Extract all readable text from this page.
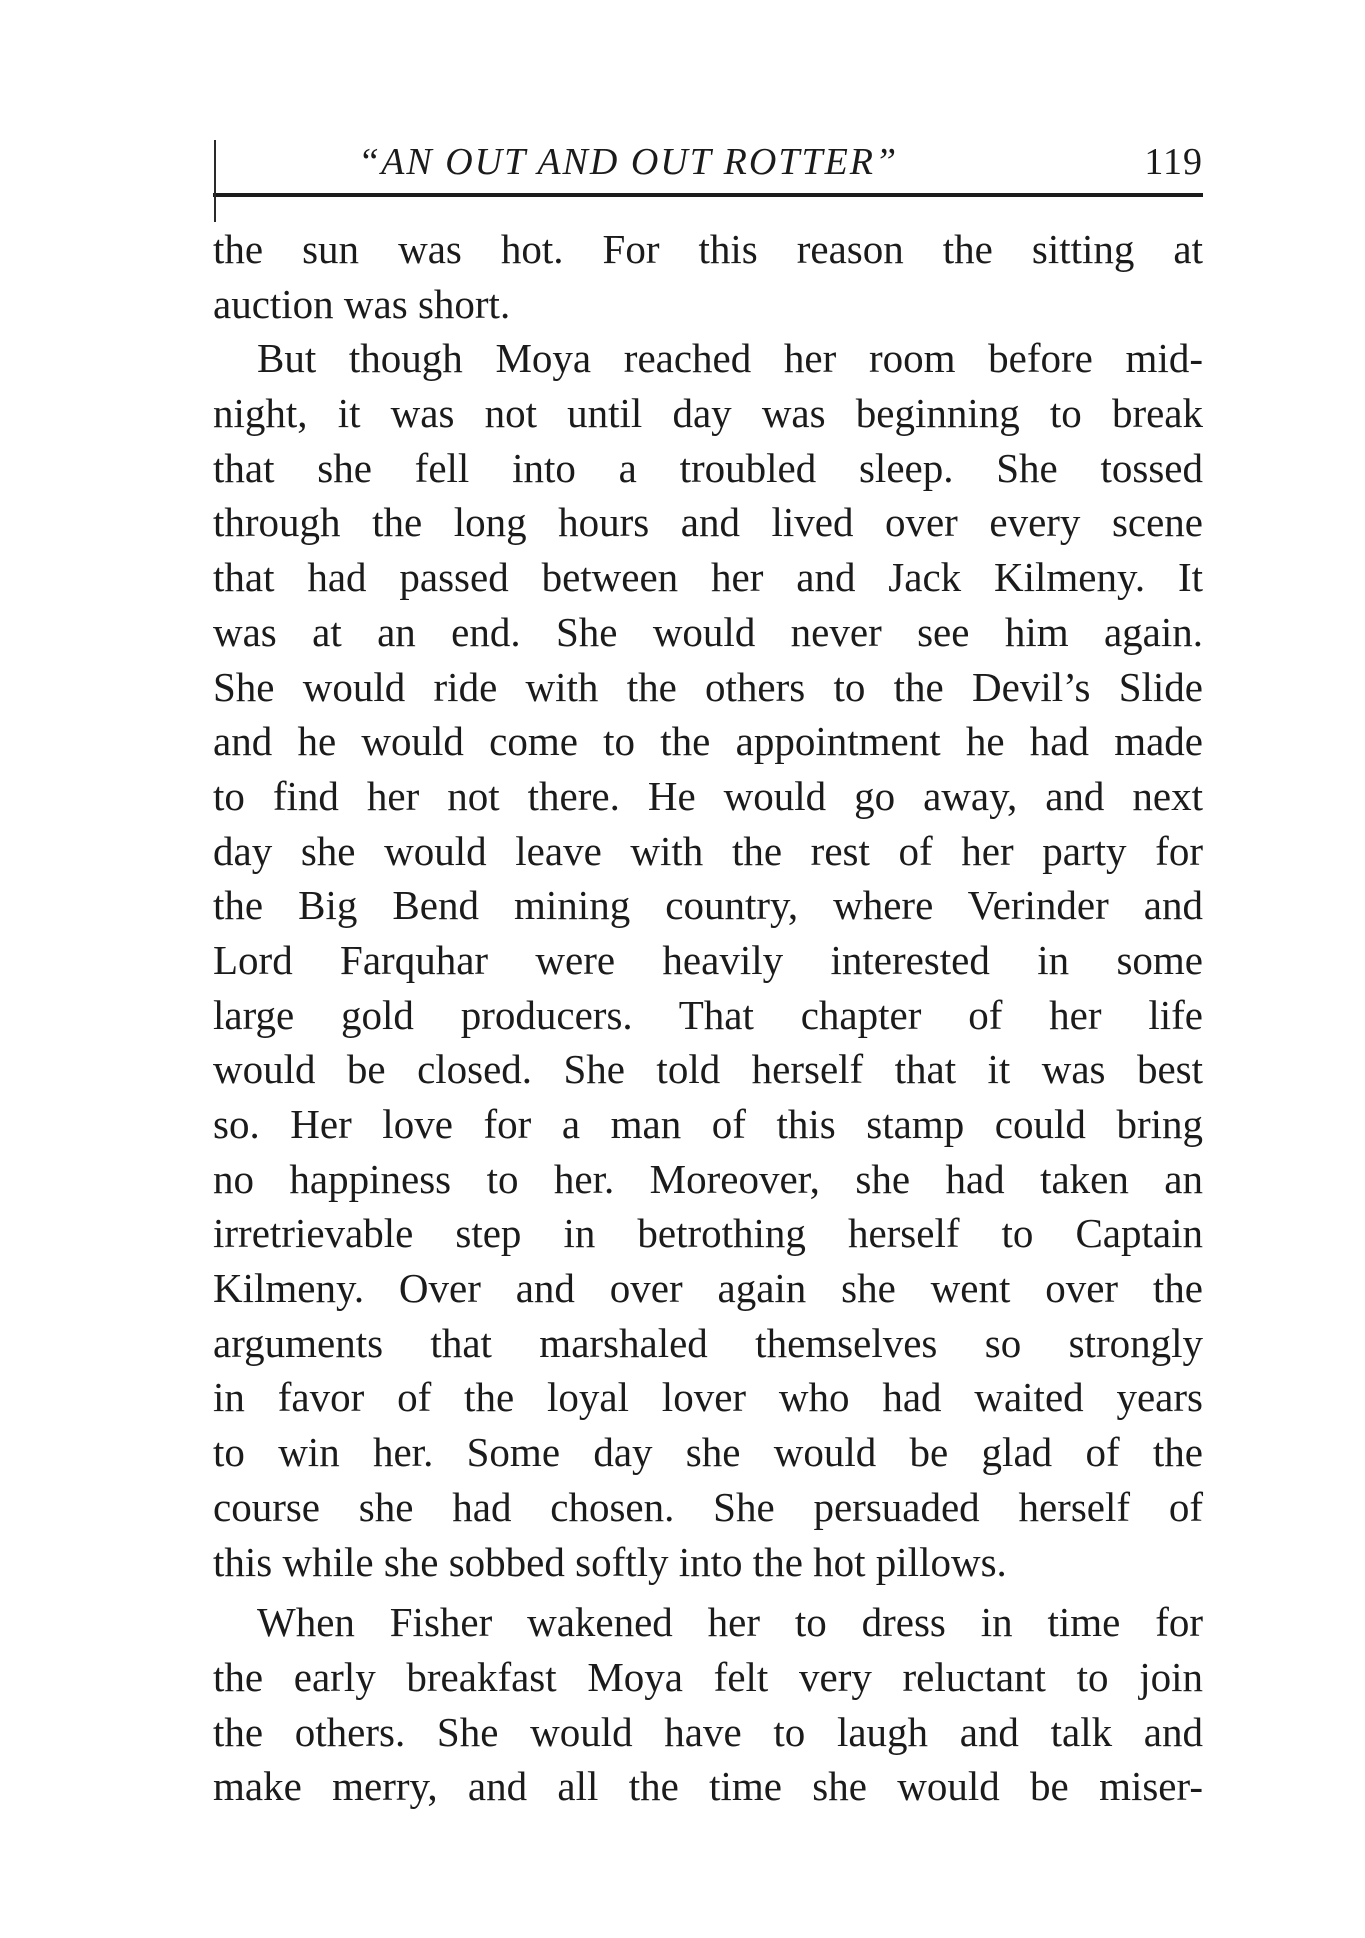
“AN OUT AND OUT ROTTER”	119
the sun was hot. For this reason the sitting at
auction was short.
But though Moya reached her room before mid-
night, it was not until day was beginning to break
that she fell into a troubled sleep. She tossed
through the long hours and lived over every scene
that had passed between her and Jack Kilmeny. It
was at an end. She would never see him again.
She would ride with the others to the Devil’s Slide
and he would come to the appointment he had made
to find her not there. He would go away, and next
day she would leave with the rest of her party for
the Big Bend mining country, where Verinder and
Lord Farquhar were heavily interested in some
large gold producers. That chapter of her life
would be closed. She told herself that it was best
so. Her love for a man of this stamp could bring
no happiness to her. Moreover, she had taken an
irretrievable step in betrothing herself to Captain
Kilmeny. Over and over again she went over the
arguments that marshaled themselves so strongly
in favor of the loyal lover who had waited years
to win her. Some day she would be glad of the
course she had chosen. She persuaded herself of
this while she sobbed softly into the hot pillows.
When Fisher wakened her to dress in time for
the early breakfast Moya felt very reluctant to join
the others. She would have to laugh and talk and
make merry, and all the time she would be miser-
